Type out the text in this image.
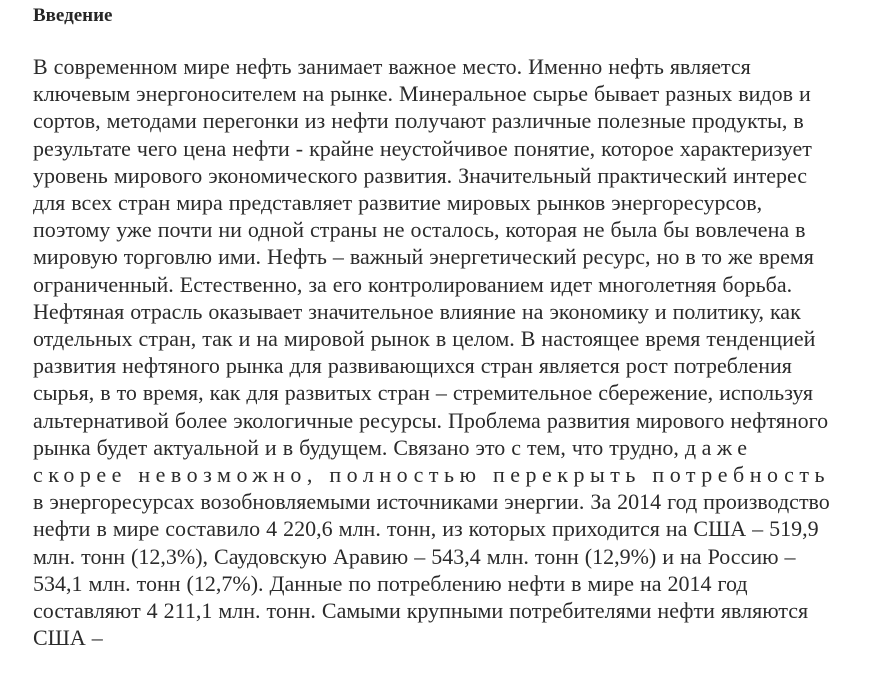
Введение

В современном мире нефть занимает важное место. Именно нефть является ключевым энергоносителем на рынке. Минеральное сырье бывает разных видов и сортов, методами перегонки из нефти получают различные полезные продукты, в результате чего цена нефти - крайне неустойчивое понятие, которое характеризует уровень мирового экономического развития. Значительный практический интерес для всех стран мира представляет развитие мировых рынков энергоресурсов, поэтому уже почти ни одной страны не осталось, которая не была бы вовлечена в мировую торговлю ими. Нефть – важный энергетический ресурс, но в то же время ограниченный. Естественно, за его контролированием идет многолетняя борьба. Нефтяная отрасль оказывает значительное влияние на экономику и политику, как отдельных стран, так и на мировой рынок в целом. В настоящее время тенденцией развития нефтяного рынка для развивающихся стран является рост потребления сырья, в то время, как для развитых стран – стремительное сбережение, используя альтернативой более экологичные ресурсы. Проблема развития мирового нефтяного рынка будет актуальной и в будущем. Связано это с тем, что трудно, даже скорее невозможно, полностью перекрыть потребность в энергоресурсах возобновляемыми источниками энергии. За 2014 год производство нефти в мире составило 4 220,6 млн. тонн, из которых приходится на США – 519,9 млн. тонн (12,3%), Саудовскую Аравию – 543,4 млн. тонн (12,9%) и на Россию – 534,1 млн. тонн (12,7%). Данные по потреблению нефти в мире на 2014 год составляют 4 211,1 млн. тонн. Самыми крупными потребителями нефти являются США –
